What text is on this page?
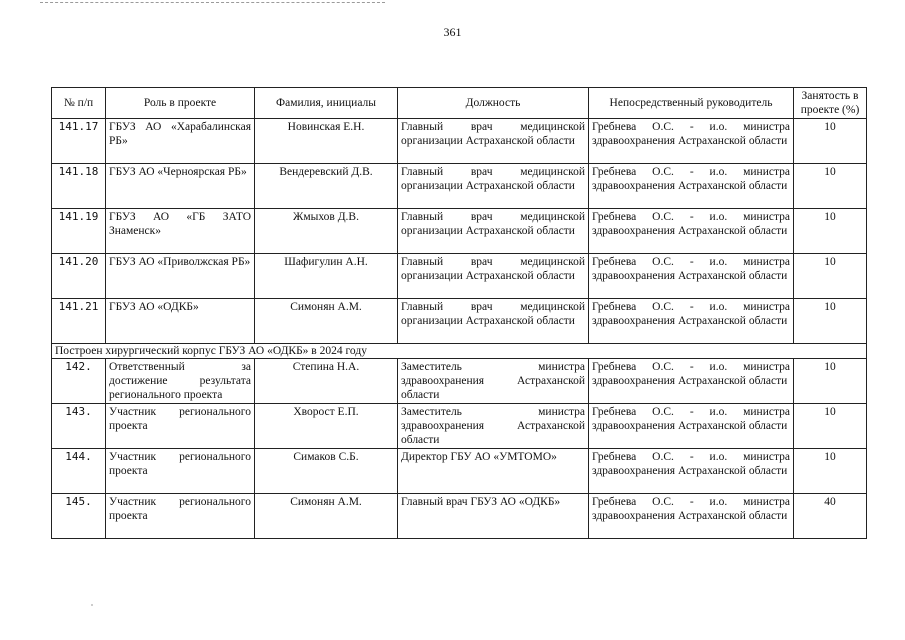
361
№ п/п	Роль в проекте	Фамилия, инициалы	Должность	Непосредственный руководитель	Занятость в проекте (%)
141.17	ГБУЗ АО «Харабалинская РБ»	Новинская Е.Н.	Главный врач медицинской организации Астраханской области	Гребнева О.С. - и.о. министра здравоохранения Астраханской области	10
141.18	ГБУЗ АО «Черноярская РБ»	Вендеревский Д.В.	Главный врач медицинской организации Астраханской области	Гребнева О.С. - и.о. министра здравоохранения Астраханской области	10
141.19	ГБУЗ АО «ГБ ЗАТО Знаменск»	Жмыхов Д.В.	Главный врач медицинской организации Астраханской области	Гребнева О.С. - и.о. министра здравоохранения Астраханской области	10
141.20	ГБУЗ АО «Приволжская РБ»	Шафигулин А.Н.	Главный врач медицинской организации Астраханской области	Гребнева О.С. - и.о. министра здравоохранения Астраханской области	10
141.21	ГБУЗ АО «ОДКБ»	Симонян А.М.	Главный врач медицинской организации Астраханской области	Гребнева О.С. - и.о. министра здравоохранения Астраханской области	10
Построен хирургический корпус ГБУЗ АО «ОДКБ» в 2024 году					
142.	Ответственный за достижение результата регионального проекта	Степина Н.А.	Заместитель министра здравоохранения Астраханской области	Гребнева О.С. - и.о. министра здравоохранения Астраханской области	10
143.	Участник регионального проекта	Хворост Е.П.	Заместитель министра здравоохранения Астраханской области	Гребнева О.С. - и.о. министра здравоохранения Астраханской области	10
144.	Участник регионального проекта	Симаков С.Б.	Директор ГБУ АО «УМТОМО»	Гребнева О.С. - и.о. министра здравоохранения Астраханской области	10
145.	Участник регионального проекта	Симонян А.М.	Главный врач ГБУЗ АО «ОДКБ»	Гребнева О.С. - и.о. министра здравоохранения Астраханской области	40
